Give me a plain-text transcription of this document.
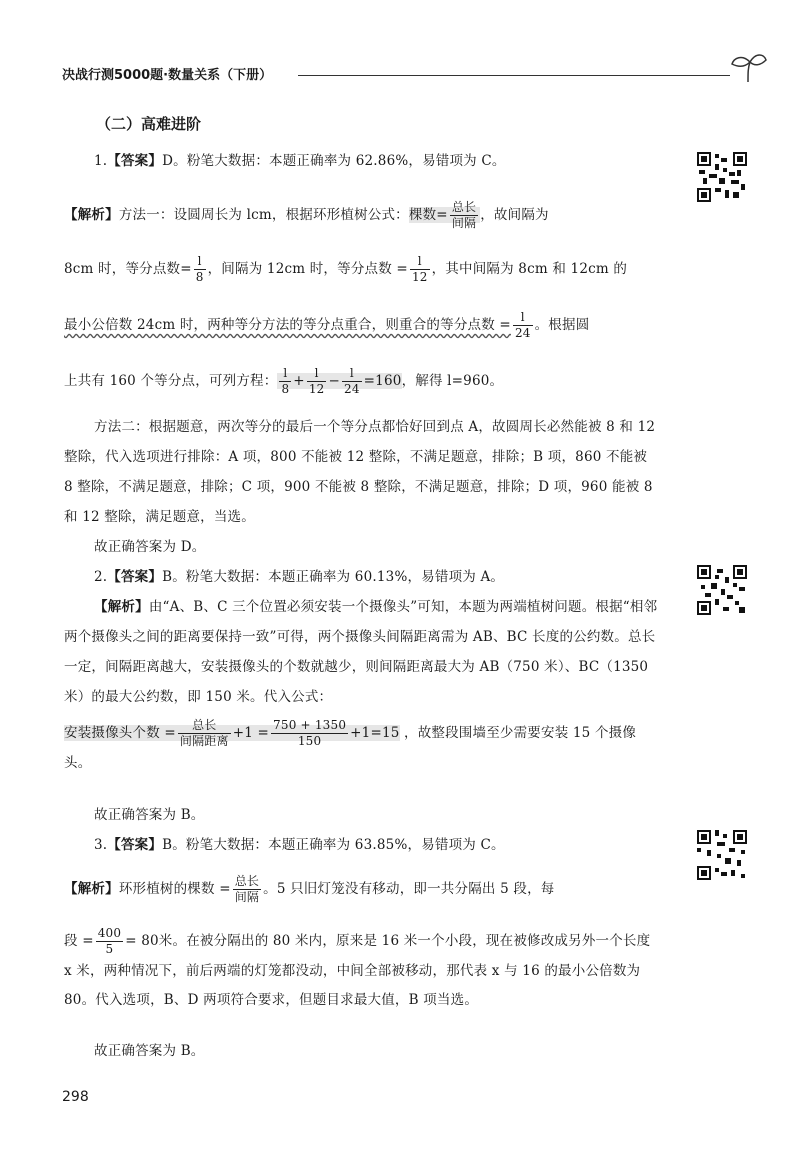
决战行测5000题·数量关系（下册）
（二）高难进阶
1.【答案】D。粉笔大数据：本题正确率为 62.86%，易错项为 C。
【解析】方法一：设圆周长为 lcm，根据环形植树公式：棵数= $\frac{\text{总长}}{\text{间隔}}$ ，故间隔为
8cm 时，等分点数= $\frac{l}{8}$ ，间隔为 12cm 时，等分点数 = $\frac{l}{12}$ ，其中间隔为 8cm 和 12cm 的
最小公倍数 24cm 时，两种等分方法的等分点重合，则重合的等分点数 = $\frac{l}{24}$ 。根据圆
上共有 160 个等分点，可列方程： $\frac{l}{8} + \frac{l}{12} - \frac{l}{24} =160$，解得 l=960。
方法二：根据题意，两次等分的最后一个等分点都恰好回到点 A，故圆周长必然能被 8 和 12 整除，代入选项进行排除：A 项，800 不能被 12 整除，不满足题意，排除；B 项，860 不能被 8 整除，不满足题意，排除；C 项，900 不能被 8 整除，不满足题意，排除；D 项，960 能被 8 和 12 整除，满足题意，当选。
故正确答案为 D。
2.【答案】B。粉笔大数据：本题正确率为 60.13%，易错项为 A。
【解析】由“A、B、C 三个位置必须安装一个摄像头”可知，本题为两端植树问题。根据“相邻两个摄像头之间的距离要保持一致”可得，两个摄像头间隔距离需为 AB、BC 长度的公约数。总长一定，间隔距离越大，安装摄像头的个数就越少，则间隔距离最大为 AB（750 米）、BC（1350 米）的最大公约数，即 150 米。代入公式：
安装摄像头个数 = $\frac{\text{总长}}{\text{间隔距离}} +1 = \frac{750 + 1350}{150} +1=15$ ，故整段围墙至少需要安装 15 个摄像头。
故正确答案为 B。
3.【答案】B。粉笔大数据：本题正确率为 63.85%，易错项为 C。
【解析】环形植树的棵数 = $\frac{\text{总长}}{\text{间隔}}$ 。5 只旧灯笼没有移动，即一共分隔出 5 段，每
段 = $\frac{400}{5} = 80$米。在被分隔出的 80 米内，原来是 16 米一个小段，现在被修改成另外一个长度 x 米，两种情况下，前后两端的灯笼都没动，中间全部被移动，那代表 x 与 16 的最小公倍数为 80。代入选项，B、D 两项符合要求，但题目求最大值，B 项当选。
故正确答案为 B。
298
